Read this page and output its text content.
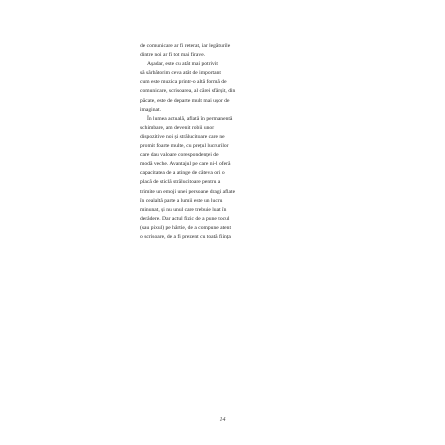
de comunicare ar fi reterat, iar legăturile
dintre noi ar fi tot mai firave.
Așadar, este cu atât mai potrivit
să sărbătorim ceva atât de important
cum este muzica printr-o altă formă de
comunicare, scrisoarea, al cărei sfârșit, din
păcate, este de departe mult mai ușor de
imaginat.
În lumea actuală, aflată în permanentă
schimbare, am devenit robii unor
dispozitive noi și strălucitoare care ne
promit foarte multe, cu prețul lucrurilor
care dau valoare corespondenței de
modă veche. Avantajul pe care ni-l oferă
capacitatea de a atinge de câteva ori o
placă de sticlă strălucitoare pentru a
trimite un emoji unei persoane dragi aflate
în cealaltă parte a lumii este un lucru
minunat, și nu unul care trebuie luat în
derâdere. Dar actul fizic de a pune tocul
(sau pixul) pe hârtie, de a compune atent
o scrisoare, de a fi prezent cu toată ființa
14
